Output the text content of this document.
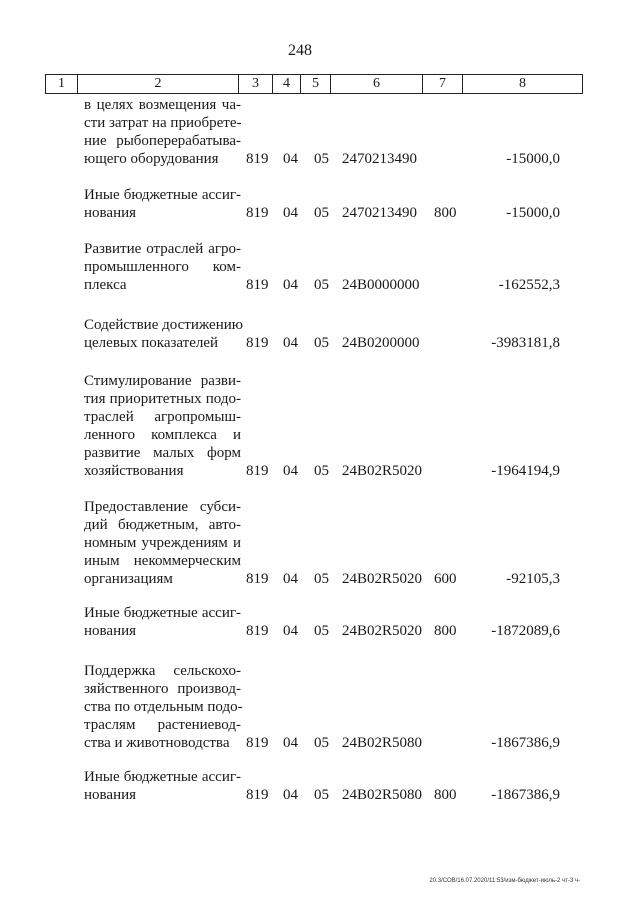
248
1	2	3	4	5	6	7	8
в целях возмещения ча-
сти затрат на приобрете-
ние рыбоперерабатыва-
ющего оборудования	819 04 05 2470213490	-15000,0
Иные бюджетные ассиг-
нования	819 04 05 2470213490 800	-15000,0
Развитие отраслей агро-
промышленного ком-
плекса	819 04 05 24В0000000	-162552,3
Содействие достижению
целевых показателей	819 04 05 24В0200000	-3983181,8
Стимулирование разви-
тия приоритетных подо-
траслей агропромыш-
ленного комплекса и
развитие малых форм
хозяйствования	819 04 05 24В02R5020	-1964194,9
Предоставление субси-
дий бюджетным, авто-
номным учреждениям и
иным некоммерческим
организациям	819 04 05 24В02R5020 600	-92105,3
Иные бюджетные ассиг-
нования	819 04 05 24В02R5020 800 -1872089,6
Поддержка сельскохо-
зяйственного производ-
ства по отдельным подо-
траслям растениевод-
ства и животноводства	819 04 05 24В02R5080	-1867386,9
Иные бюджетные ассиг-
нования	819 04 05 24В02R5080 800 -1867386,9
20.3/СОВ/16.07.2020/11:53/изм-бюджет-июль-2 чт-3 ч-
